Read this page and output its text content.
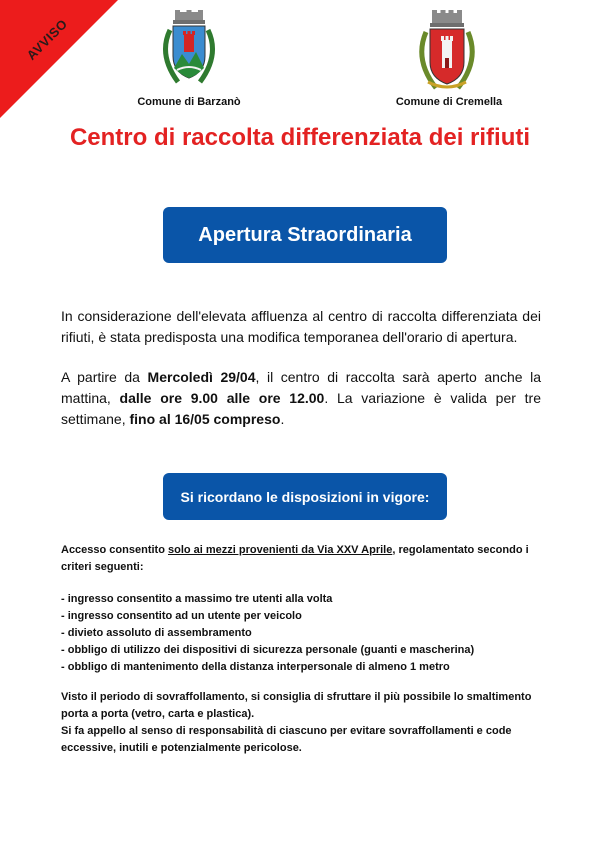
AVVISO
Comune di Barzanò	Comune di Cremella
Centro di raccolta differenziata dei rifiuti
Apertura Straordinaria

In considerazione dell'elevata affluenza al centro di raccolta differenziata dei rifiuti, è stata predisposta una modifica temporanea dell'orario di apertura.

A partire da Mercoledì 29/04, il centro di raccolta sarà aperto anche la mattina, dalle ore 9.00 alle ore 12.00. La variazione è valida per tre settimane, fino al 16/05 compreso.

Si ricordano le disposizioni in vigore:

Accesso consentito solo ai mezzi provenienti da Via XXV Aprile, regolamentato secondo i criteri seguenti:

- ingresso consentito a massimo tre utenti alla volta
- ingresso consentito ad un utente per veicolo
- divieto assoluto di assembramento
- obbligo di utilizzo dei dispositivi di sicurezza personale (guanti e mascherina)
- obbligo di mantenimento della distanza interpersonale di almeno 1 metro
Visto il periodo di sovraffollamento, si consiglia di sfruttare il più possibile lo smaltimento porta a porta (vetro, carta e plastica).
Si fa appello al senso di responsabilità di ciascuno per evitare sovraffollamenti e code eccessive, inutili e potenzialmente pericolose.
